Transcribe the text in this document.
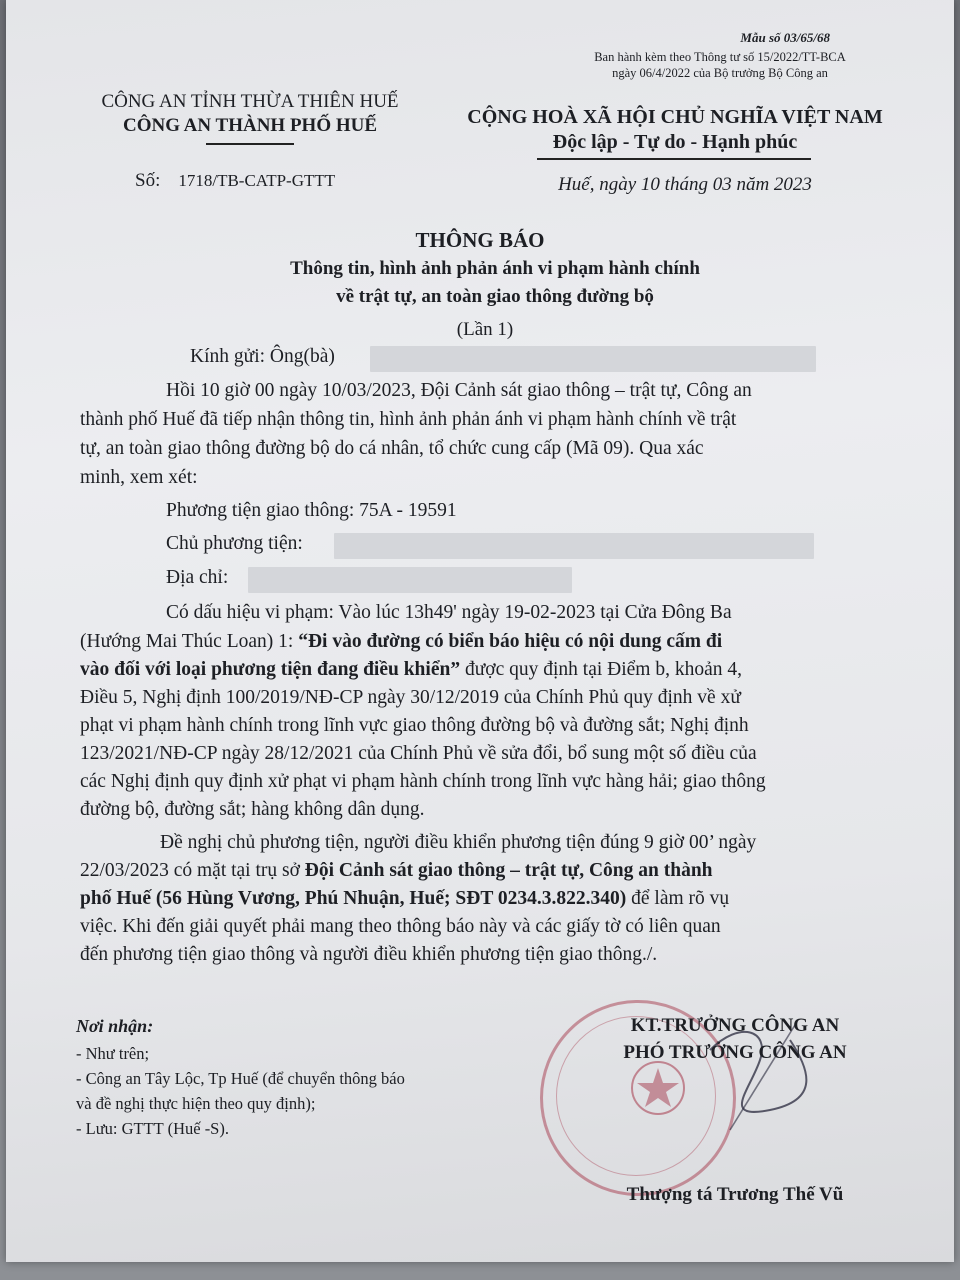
Mẫu số 03/65/68
Ban hành kèm theo Thông tư số 15/2022/TT-BCA
ngày 06/4/2022 của Bộ trưởng Bộ Công an
CÔNG AN TỈNH THỪA THIÊN HUẾ
CÔNG AN THÀNH PHỐ HUẾ	CỘNG HOÀ XÃ HỘI CHỦ NGHĨA VIỆT NAM
Độc lập - Tự do - Hạnh phúc
Số: 1718/TB-CATP-GTTT	Huế, ngày 10 tháng 03 năm 2023
THÔNG BÁO
Thông tin, hình ảnh phản ánh vi phạm hành chính
về trật tự, an toàn giao thông đường bộ
(Lần 1)
Kính gửi: Ông(bà)
Hồi 10 giờ 00 ngày 10/03/2023, Đội Cảnh sát giao thông – trật tự, Công an
thành phố Huế đã tiếp nhận thông tin, hình ảnh phản ánh vi phạm hành chính về trật
tự, an toàn giao thông đường bộ do cá nhân, tổ chức cung cấp (Mã 09). Qua xác
minh, xem xét:
Phương tiện giao thông: 75A - 19591
Chủ phương tiện:
Địa chỉ:
Có dấu hiệu vi phạm: Vào lúc 13h49' ngày 19-02-2023 tại Cửa Đông Ba
(Hướng Mai Thúc Loan) 1: “Đi vào đường có biển báo hiệu có nội dung cấm đi
vào đối với loại phương tiện đang điều khiển” được quy định tại Điểm b, khoản 4,
Điều 5, Nghị định 100/2019/NĐ-CP ngày 30/12/2019 của Chính Phủ quy định về xử
phạt vi phạm hành chính trong lĩnh vực giao thông đường bộ và đường sắt; Nghị định
123/2021/NĐ-CP ngày 28/12/2021 của Chính Phủ về sửa đổi, bổ sung một số điều của
các Nghị định quy định xử phạt vi phạm hành chính trong lĩnh vực hàng hải; giao thông
đường bộ, đường sắt; hàng không dân dụng.
Đề nghị chủ phương tiện, người điều khiển phương tiện đúng 9 giờ 00’ ngày
22/03/2023 có mặt tại trụ sở Đội Cảnh sát giao thông – trật tự, Công an thành
phố Huế (56 Hùng Vương, Phú Nhuận, Huế; SĐT 0234.3.822.340) để làm rõ vụ
việc. Khi đến giải quyết phải mang theo thông báo này và các giấy tờ có liên quan
đến phương tiện giao thông và người điều khiển phương tiện giao thông./.
Nơi nhận:
- Như trên;
- Công an Tây Lộc, Tp Huế (để chuyển thông báo
và đề nghị thực hiện theo quy định);
- Lưu: GTTT (Huế -S).
KT.TRƯỞNG CÔNG AN
PHÓ TRƯỞNG CÔNG AN
Thượng tá Trương Thế Vũ
